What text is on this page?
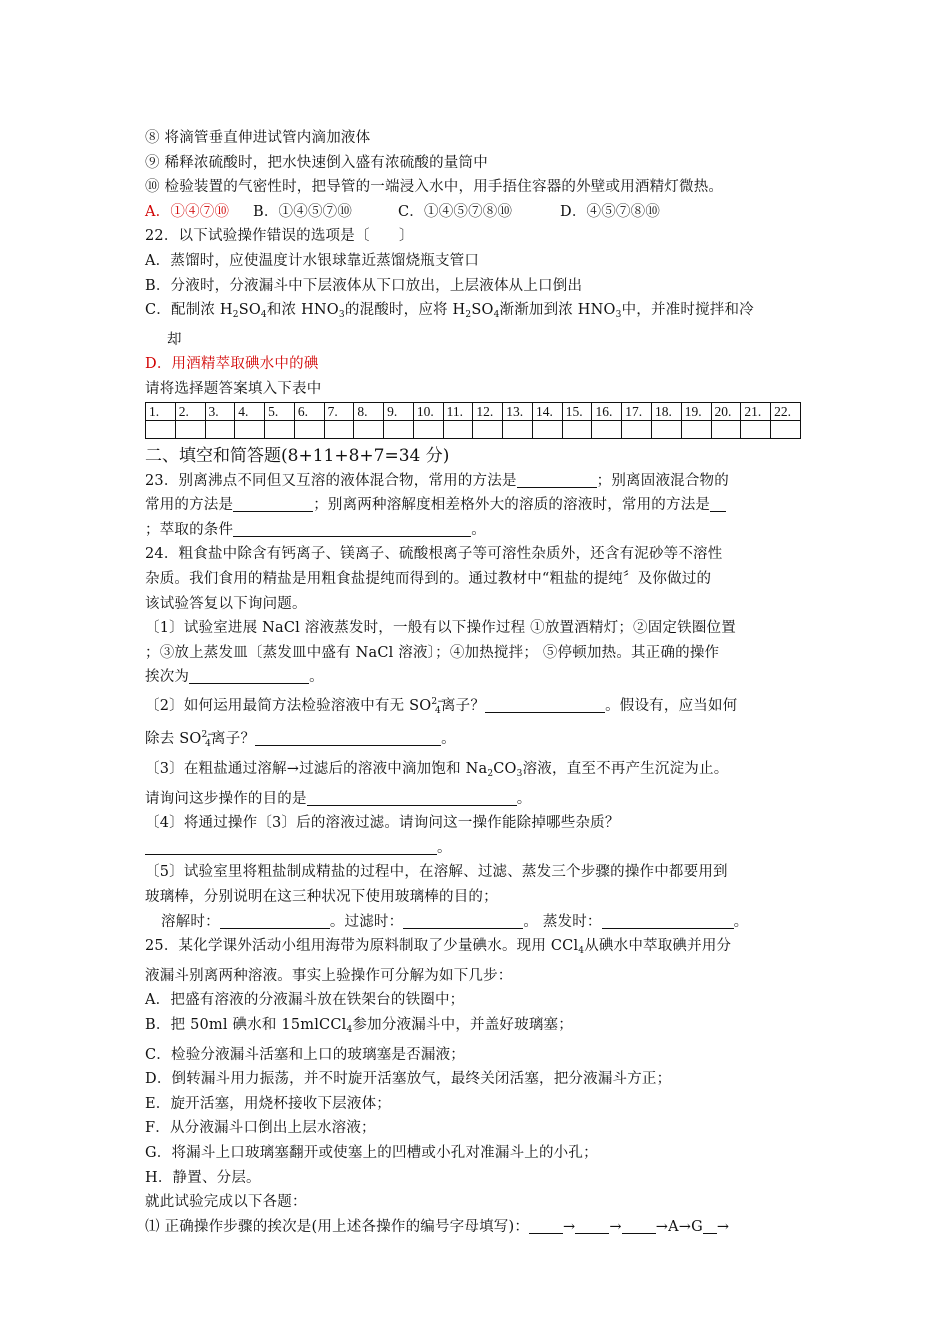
⑧ 将滴管垂直伸进试管内滴加液体
⑨ 稀释浓硫酸时，把水快速倒入盛有浓硫酸的量筒中
⑩ 检验装置的气密性时，把导管的一端浸入水中，用手捂住容器的外壁或用酒精灯微热。
A．①④⑦⑩ B．①④⑤⑦⑩	C．①④⑤⑦⑧⑩	D．④⑤⑦⑧⑩
22．以下试验操作错误的选项是〔　　〕
A．蒸馏时，应使温度计水银球靠近蒸馏烧瓶支管口
B．分液时，分液漏斗中下层液体从下口放出，上层液体从上口倒出
C．配制浓 $H_2SO_4$和浓 $HNO_3$的混酸时，应将 $H_2SO_4$渐渐加到浓 $HNO_3$中，并准时搅拌和冷
却
D．用酒精萃取碘水中的碘
请将选择题答案填入下表中
1.	2.	3.	4.	5.	6.	7.	8.	9.	10.	11.	12.	13.	14.	15.	16.	17.	18.	19.	20.	21.	22.

二、填空和简答题(8+11+8+7=34 分)
23．别离沸点不同但又互溶的液体混合物，常用的方法是	；别离固液混合物的
常用的方法是	；别离两种溶解度相差格外大的溶质的溶液时，常用的方法是
；萃取的条件	。
24．粗食盐中除含有钙离子、镁离子、硫酸根离子等可溶性杂质外，还含有泥砂等不溶性
杂质。我们食用的精盐是用粗食盐提纯而得到的。通过教材中“粗盐的提纯〞及你做过的
该试验答复以下询问题。
〔1〕试验室进展 NaCl 溶液蒸发时，一般有以下操作过程 ①放置酒精灯；②固定铁圈位置
；③放上蒸发皿〔蒸发皿中盛有 NaCl 溶液〕；④加热搅拌； ⑤停顿加热。其正确的操作
挨次为	。
〔2〕如何运用最简方法检验溶液中有无 $SO^{2-}_4$离子？	。假设有，应当如何
除去 $SO^{2-}_4$离子？	。
〔3〕在粗盐通过溶解→过滤后的溶液中滴加饱和 $Na_2CO_3$溶液，直至不再产生沉淀为止。
请询问这步操作的目的是	。
〔4〕将通过操作〔3〕后的溶液过滤。请询问这一操作能除掉哪些杂质？
。
〔5〕试验室里将粗盐制成精盐的过程中，在溶解、过滤、蒸发三个步骤的操作中都要用到
玻璃棒，分别说明在这三种状况下使用玻璃棒的目的；
溶解时：	。过滤时：	。 蒸发时：	。
25．某化学课外活动小组用海带为原料制取了少量碘水。现用 CCl$_4$从碘水中萃取碘并用分
液漏斗别离两种溶液。事实上验操作可分解为如下几步：
A．把盛有溶液的分液漏斗放在铁架台的铁圈中；
B．把 50ml 碘水和 15mlCCl$_4$参加分液漏斗中，并盖好玻璃塞；
C．检验分液漏斗活塞和上口的玻璃塞是否漏液；
D．倒转漏斗用力振荡，并不时旋开活塞放气，最终关闭活塞，把分液漏斗方正；
E．旋开活塞，用烧杯接收下层液体；
F．从分液漏斗口倒出上层水溶液；
G．将漏斗上口玻璃塞翻开或使塞上的凹槽或小孔对准漏斗上的小孔；
H．静置、分层。
就此试验完成以下各题：
⑴ 正确操作步骤的挨次是(用上述各操作的编号字母填写)： → → →A→G →
